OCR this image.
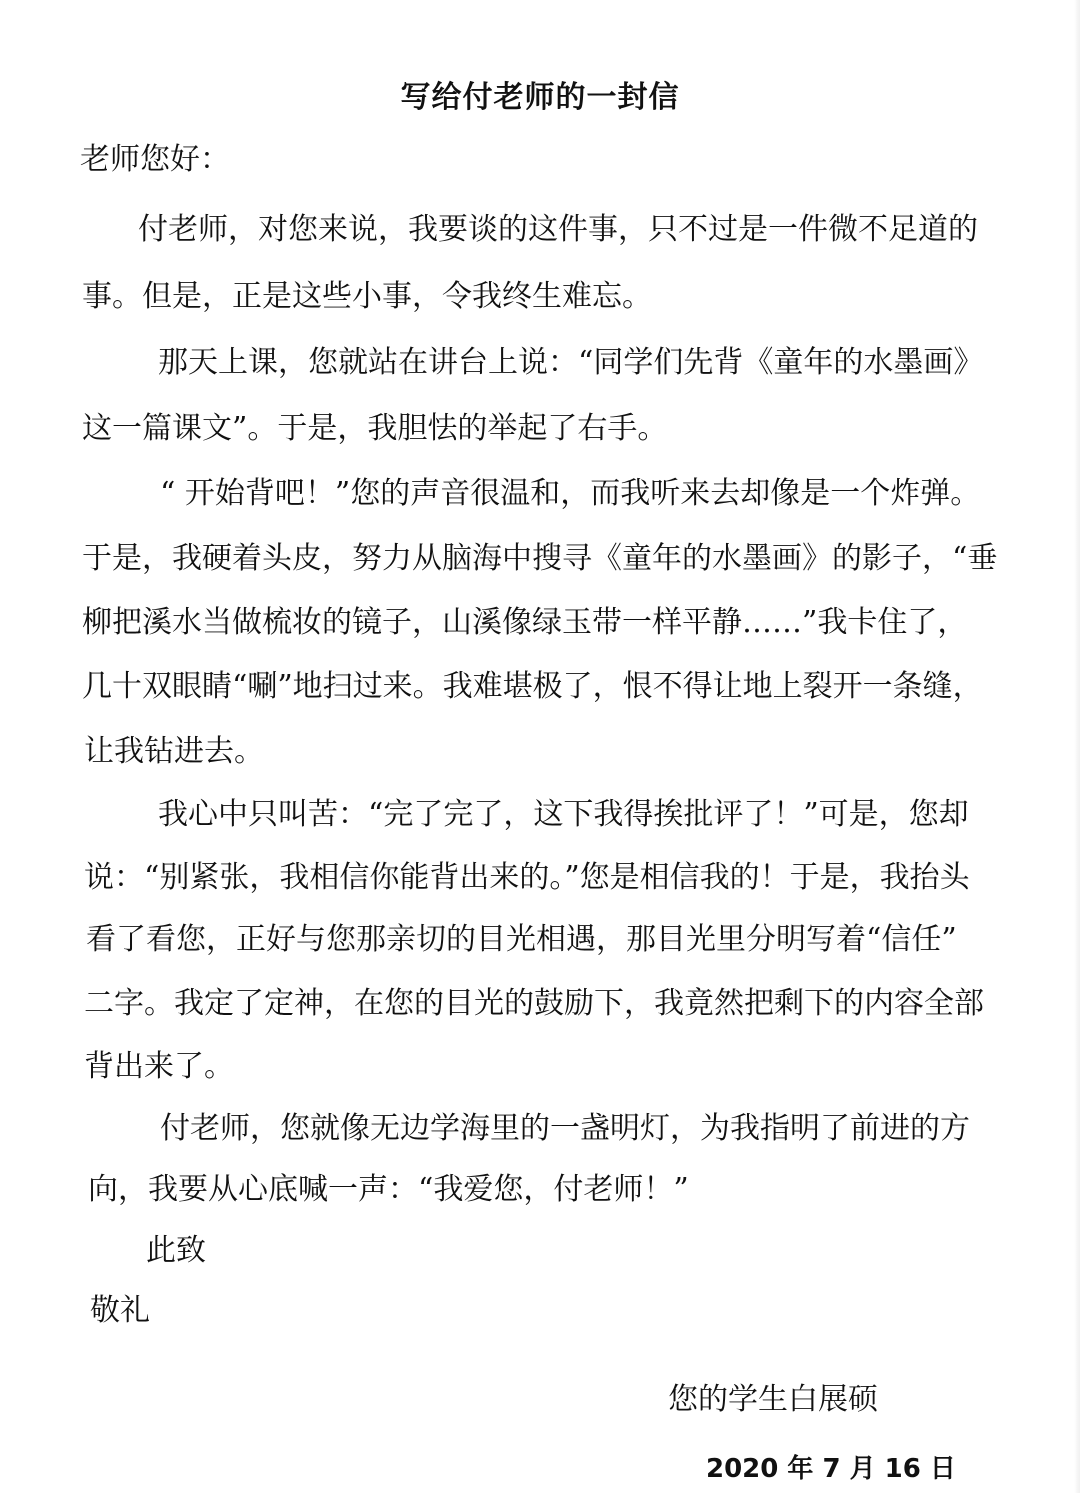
写给付老师的一封信
老师您好：
付老师，对您来说，我要谈的这件事，只不过是一件微不足道的
事。但是，正是这些小事，令我终生难忘。
那天上课，您就站在讲台上说：“同学们先背《童年的水墨画》
这一篇课文”。于是，我胆怯的举起了右手。
“ 开始背吧！”您的声音很温和，而我听来去却像是一个炸弹。
于是，我硬着头皮，努力从脑海中搜寻《童年的水墨画》的影子，“垂
柳把溪水当做梳妆的镜子，山溪像绿玉带一样平静……”我卡住了，
几十双眼睛“唰”地扫过来。我难堪极了，恨不得让地上裂开一条缝，
让我钻进去。
我心中只叫苦：“完了完了，这下我得挨批评了！”可是，您却
说：“别紧张，我相信你能背出来的。”您是相信我的！于是，我抬头
看了看您，正好与您那亲切的目光相遇，那目光里分明写着“信任”
二字。我定了定神，在您的目光的鼓励下，我竟然把剩下的内容全部
背出来了。
付老师，您就像无边学海里的一盏明灯，为我指明了前进的方
向，我要从心底喊一声：“我爱您，付老师！”
此致
敬礼
您的学生白展硕
2020 年 7 月 16 日
